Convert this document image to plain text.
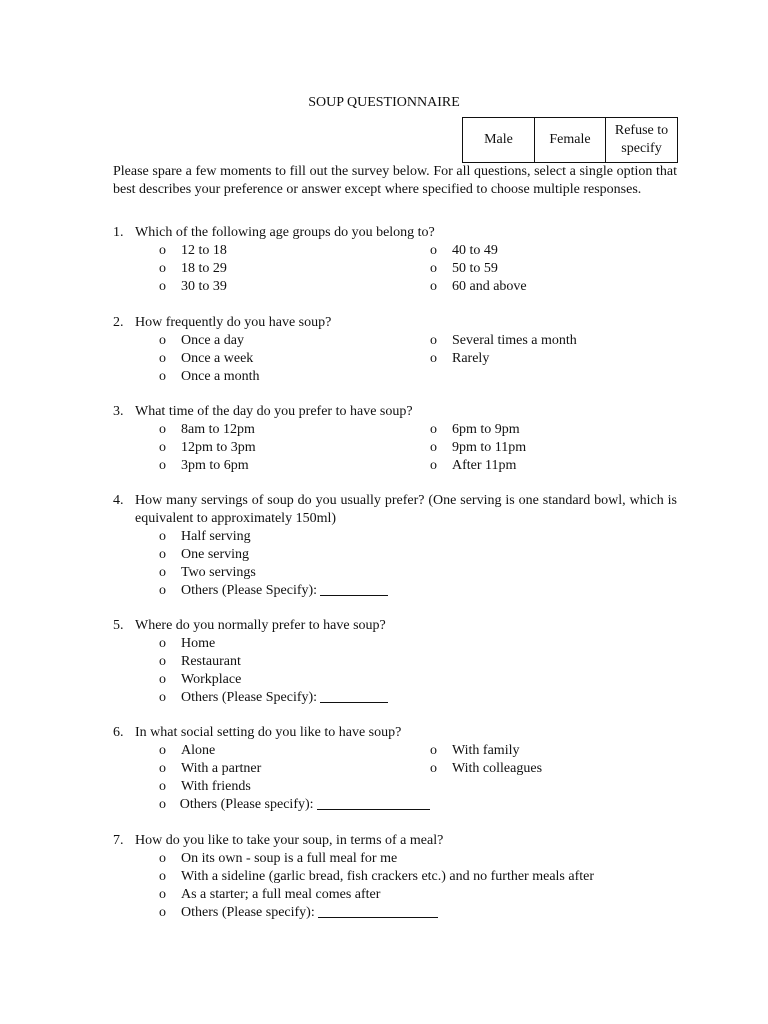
SOUP QUESTIONNAIRE
Male	Female	Refuse to specify
Please spare a few moments to fill out the survey below. For all questions, select a single option that best describes your preference or answer except where specified to choose multiple responses.
1. Which of the following age groups do you belong to?
o	12 to 18
o	18 to 29
o	30 to 39
o	40 to 49
o	50 to 59
o	60 and above
2. How frequently do you have soup?
o	Once a day
o	Once a week
o	Once a month
o	Several times a month
o	Rarely
3. What time of the day do you prefer to have soup?
o	8am to 12pm
o	12pm to 3pm
o	3pm to 6pm
o	6pm to 9pm
o	9pm to 11pm
o	After 11pm
4. How many servings of soup do you usually prefer? (One serving is one standard bowl, which is equivalent to approximately 150ml)
o	Half serving
o	One serving
o	Two servings
o	Others (Please Specify):
5. Where do you normally prefer to have soup?
o	Home
o	Restaurant
o	Workplace
o	Others (Please Specify):
6. In what social setting do you like to have soup?
o	Alone
o	With a partner
o	With friends
o Others (Please specify):
o	With family
o	With colleagues
7. How do you like to take your soup, in terms of a meal?
o	On its own - soup is a full meal for me
o	With a sideline (garlic bread, fish crackers etc.) and no further meals after
o	As a starter; a full meal comes after
o	Others (Please specify):
